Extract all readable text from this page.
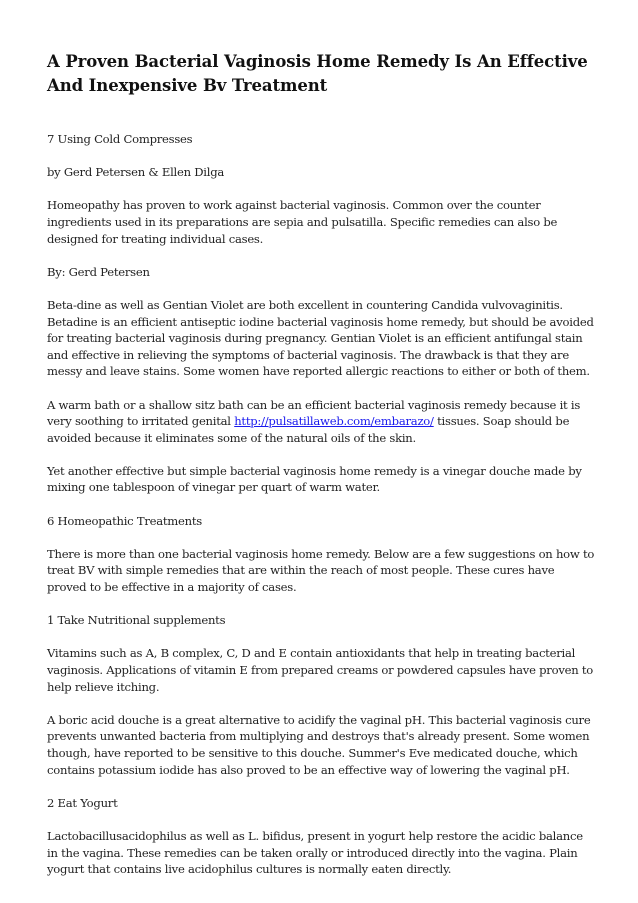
A Proven Bacterial Vaginosis Home Remedy Is An Effective And Inexpensive Bv Treatment

7 Using Cold Compresses

by Gerd Petersen & Ellen Dilga

Homeopathy has proven to work against bacterial vaginosis. Common over the counter ingredients used in its preparations are sepia and pulsatilla. Specific remedies can also be designed for treating individual cases.

By: Gerd Petersen

Beta-dine as well as Gentian Violet are both excellent in countering Candida vulvovaginitis. Betadine is an efficient antiseptic iodine bacterial vaginosis home remedy, but should be avoided for treating bacterial vaginosis during pregnancy. Gentian Violet is an efficient antifungal stain and effective in relieving the symptoms of bacterial vaginosis. The drawback is that they are messy and leave stains. Some women have reported allergic reactions to either or both of them.

A warm bath or a shallow sitz bath can be an efficient bacterial vaginosis remedy because it is very soothing to irritated genital http://pulsatillaweb.com/embarazo/ tissues. Soap should be avoided because it eliminates some of the natural oils of the skin.

Yet another effective but simple bacterial vaginosis home remedy is a vinegar douche made by mixing one tablespoon of vinegar per quart of warm water.

6 Homeopathic Treatments

There is more than one bacterial vaginosis home remedy. Below are a few suggestions on how to treat BV with simple remedies that are within the reach of most people. These cures have proved to be effective in a majority of cases.

1 Take Nutritional supplements

Vitamins such as A, B complex, C, D and E contain antioxidants that help in treating bacterial vaginosis. Applications of vitamin E from prepared creams or powdered capsules have proven to help relieve itching.

A boric acid douche is a great alternative to acidify the vaginal pH. This bacterial vaginosis cure prevents unwanted bacteria from multiplying and destroys that's already present. Some women though, have reported to be sensitive to this douche. Summer's Eve medicated douche, which contains potassium iodide has also proved to be an effective way of lowering the vaginal pH.

2 Eat Yogurt

Lactobacillusacidophilus as well as L. bifidus, present in yogurt help restore the acidic balance in the vagina. These remedies can be taken orally or introduced directly into the vagina. Plain yogurt that contains live acidophilus cultures is normally eaten directly.
